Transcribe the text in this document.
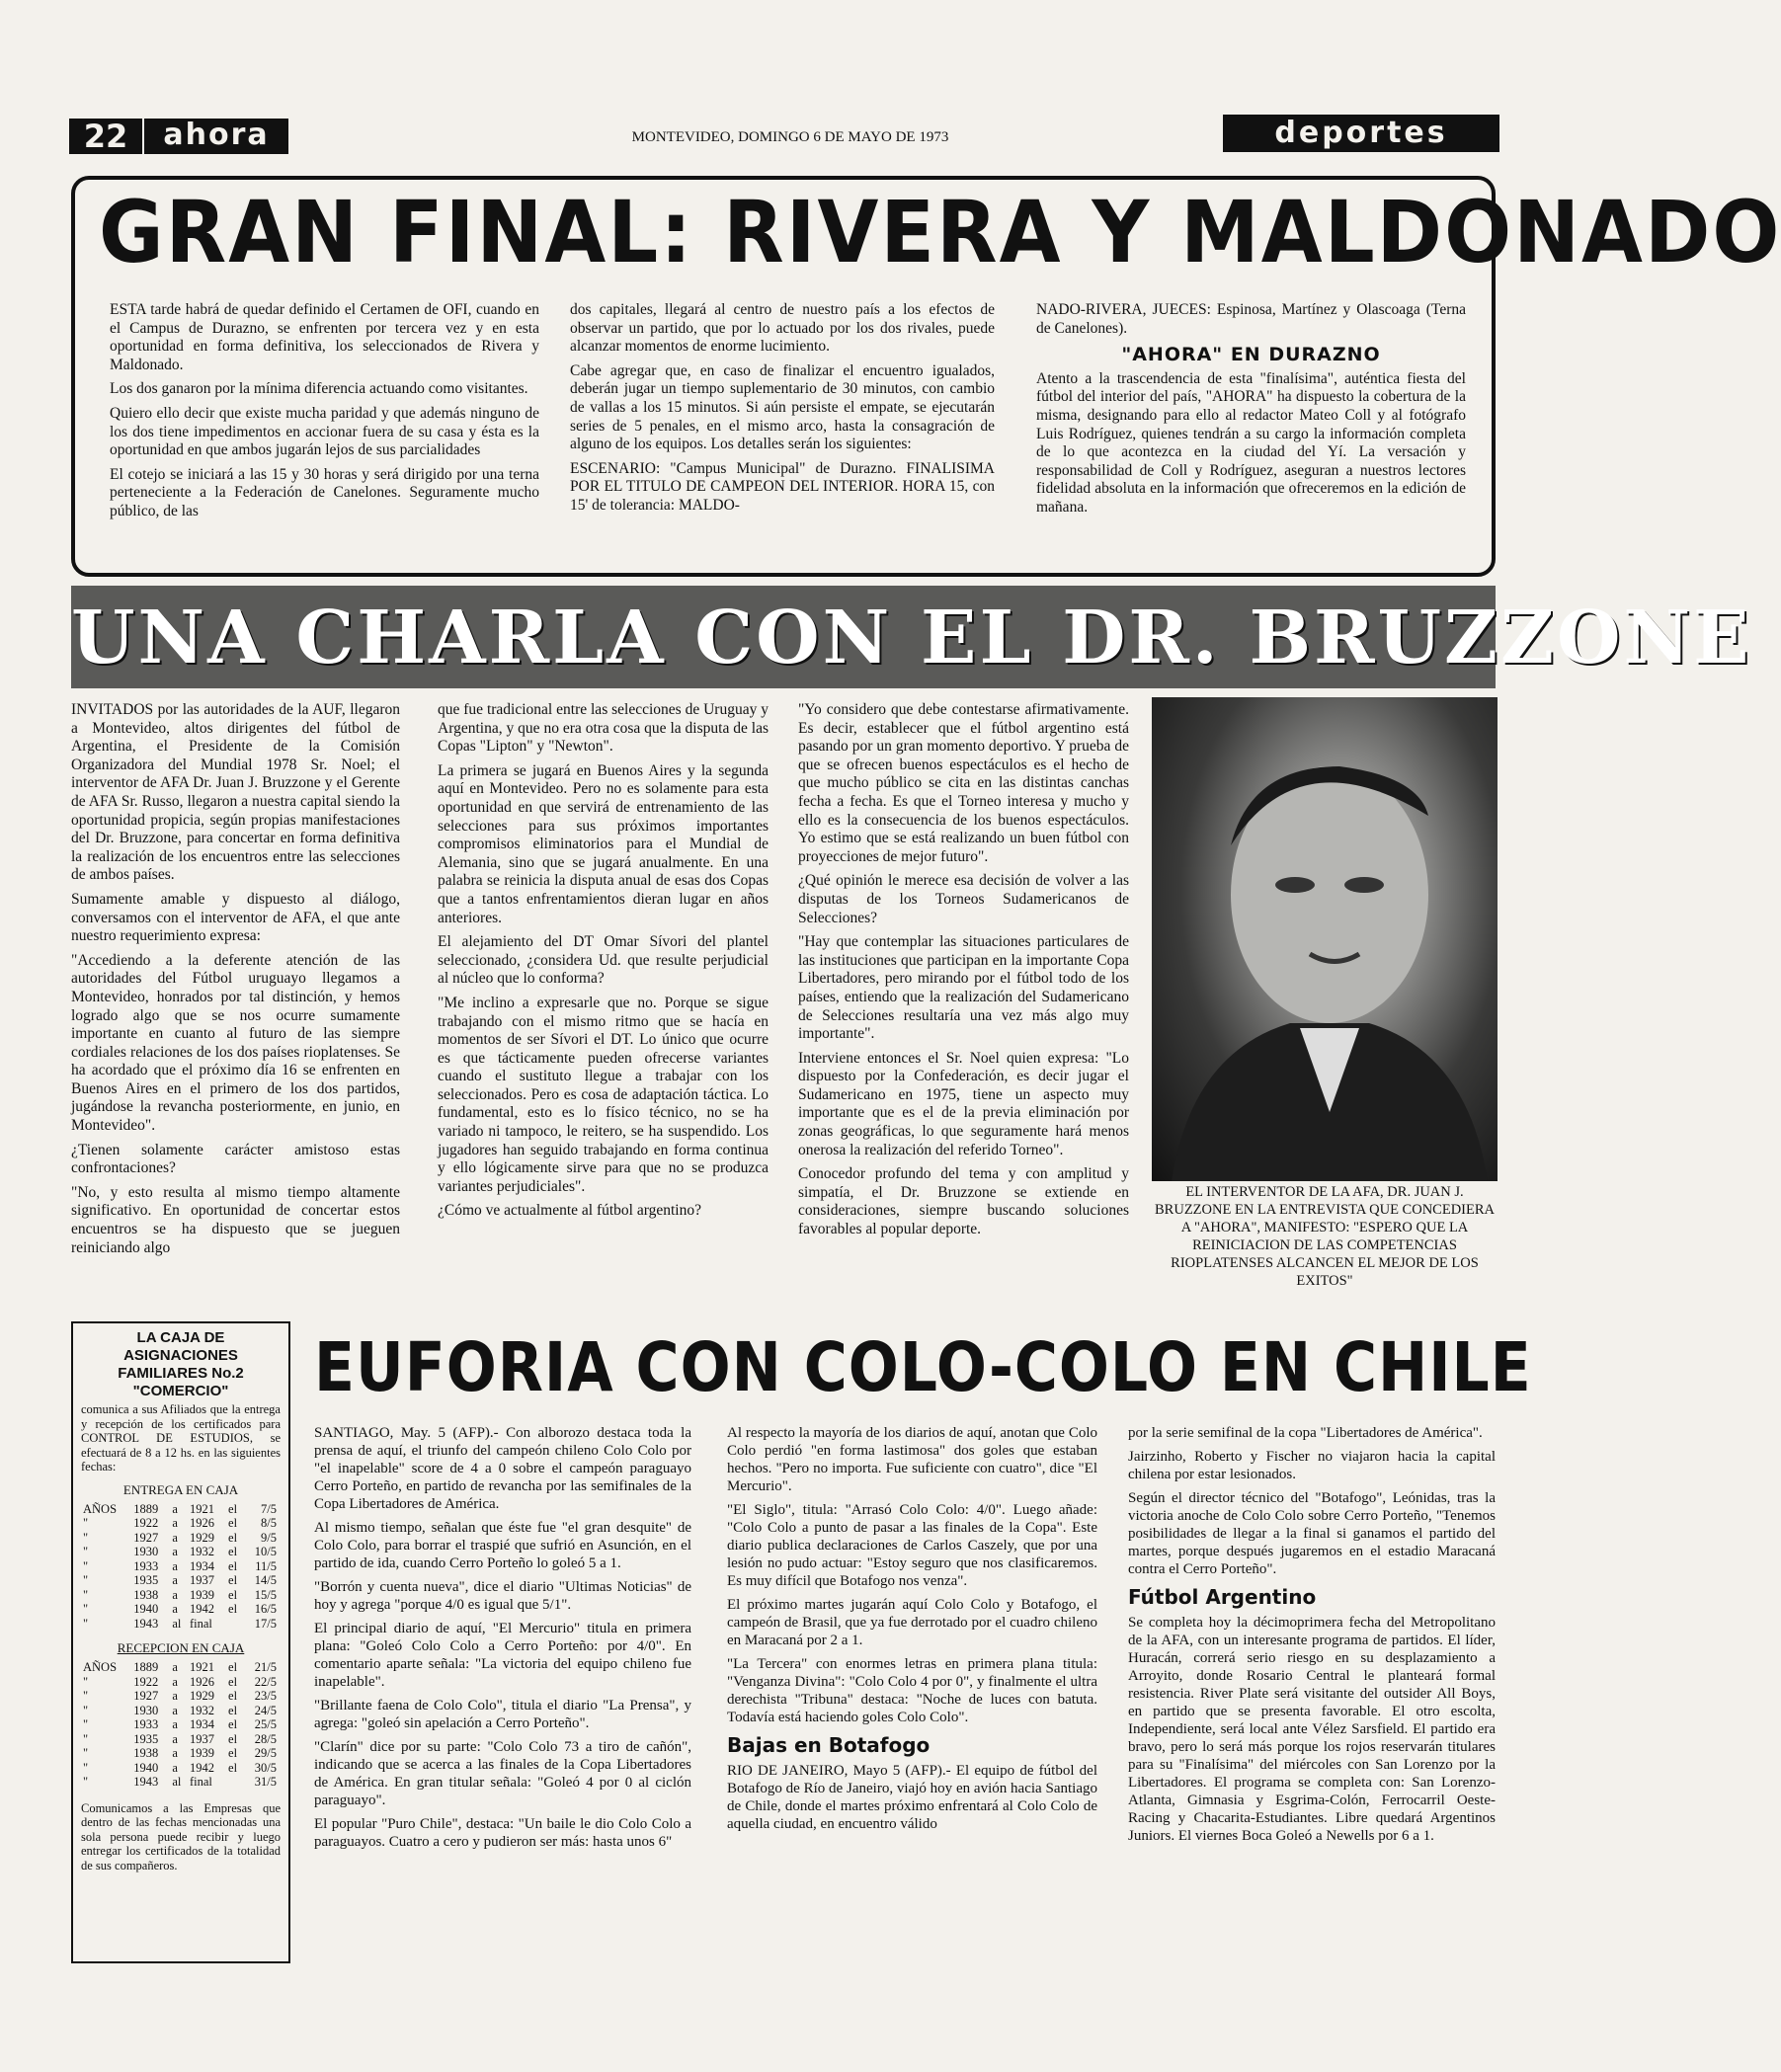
22	ahora	MONTEVIDEO, DOMINGO 6 DE MAYO DE 1973	deportes
GRAN FINAL: RIVERA Y MALDONADO

ESTA tarde habrá de quedar definido el Certamen de OFI, cuando en el Campus de Durazno, se enfrenten por tercera vez y en esta oportunidad en forma definitiva, los seleccionados de Rivera y Maldonado.

Los dos ganaron por la mínima diferencia actuando como visitantes.

Quiero ello decir que existe mucha paridad y que además ninguno de los dos tiene impedimentos en accionar fuera de su casa y ésta es la oportunidad en que ambos jugarán lejos de sus parcialidades

El cotejo se iniciará a las 15 y 30 horas y será dirigido por una terna perteneciente a la Federación de Canelones. Seguramente mucho público, de las

dos capitales, llegará al centro de nuestro país a los efectos de observar un partido, que por lo actuado por los dos rivales, puede alcanzar momentos de enorme lucimiento.

Cabe agregar que, en caso de finalizar el encuentro igualados, deberán jugar un tiempo suplementario de 30 minutos, con cambio de vallas a los 15 minutos. Si aún persiste el empate, se ejecutarán series de 5 penales, en el mismo arco, hasta la consagración de alguno de los equipos. Los detalles serán los siguientes:

ESCENARIO: "Campus Municipal" de Durazno. FINALISIMA POR EL TITULO DE CAMPEON DEL INTERIOR. HORA 15, con 15' de tolerancia: MALDO-

NADO-RIVERA, JUECES: Espinosa, Martínez y Olascoaga (Terna de Canelones).

"AHORA" EN DURAZNO

Atento a la trascendencia de esta "finalísima", auténtica fiesta del fútbol del interior del país, "AHORA" ha dispuesto la cobertura de la misma, designando para ello al redactor Mateo Coll y al fotógrafo Luis Rodríguez, quienes tendrán a su cargo la información completa de lo que acontezca en la ciudad del Yí. La versación y responsabilidad de Coll y Rodríguez, aseguran a nuestros lectores fidelidad absoluta en la información que ofreceremos en la edición de mañana.

UNA CHARLA CON EL DR. BRUZZONE

INVITADOS por las autoridades de la AUF, llegaron a Montevideo, altos dirigentes del fútbol de Argentina, el Presidente de la Comisión Organizadora del Mundial 1978 Sr. Noel; el interventor de AFA Dr. Juan J. Bruzzone y el Gerente de AFA Sr. Russo, llegaron a nuestra capital siendo la oportunidad propicia, según propias manifestaciones del Dr. Bruzzone, para concertar en forma definitiva la realización de los encuentros entre las selecciones de ambos países.

Sumamente amable y dispuesto al diálogo, conversamos con el interventor de AFA, el que ante nuestro requerimiento expresa:

"Accediendo a la deferente atención de las autoridades del Fútbol uruguayo llegamos a Montevideo, honrados por tal distinción, y hemos logrado algo que se nos ocurre sumamente importante en cuanto al futuro de las siempre cordiales relaciones de los dos países rioplatenses. Se ha acordado que el próximo día 16 se enfrenten en Buenos Aires en el primero de los dos partidos, jugándose la revancha posteriormente, en junio, en Montevideo".

¿Tienen solamente carácter amistoso estas confrontaciones?

"No, y esto resulta al mismo tiempo altamente significativo. En oportunidad de concertar estos encuentros se ha dispuesto que se jueguen reiniciando algo

que fue tradicional entre las selecciones de Uruguay y Argentina, y que no era otra cosa que la disputa de las Copas "Lipton" y "Newton".

La primera se jugará en Buenos Aires y la segunda aquí en Montevideo. Pero no es solamente para esta oportunidad en que servirá de entrenamiento de las selecciones para sus próximos importantes compromisos eliminatorios para el Mundial de Alemania, sino que se jugará anualmente. En una palabra se reinicia la disputa anual de esas dos Copas que a tantos enfrentamientos dieran lugar en años anteriores.

El alejamiento del DT Omar Sívori del plantel seleccionado, ¿considera Ud. que resulte perjudicial al núcleo que lo conforma?

"Me inclino a expresarle que no. Porque se sigue trabajando con el mismo ritmo que se hacía en momentos de ser Sívori el DT. Lo único que ocurre es que tácticamente pueden ofrecerse variantes cuando el sustituto llegue a trabajar con los seleccionados. Pero es cosa de adaptación táctica. Lo fundamental, esto es lo físico técnico, no se ha variado ni tampoco, le reitero, se ha suspendido. Los jugadores han seguido trabajando en forma continua y ello lógicamente sirve para que no se produzca variantes perjudiciales".

¿Cómo ve actualmente al fútbol argentino?

"Yo considero que debe contestarse afirmativamente. Es decir, establecer que el fútbol argentino está pasando por un gran momento deportivo. Y prueba de que se ofrecen buenos espectáculos es el hecho de que mucho público se cita en las distintas canchas fecha a fecha. Es que el Torneo interesa y mucho y ello es la consecuencia de los buenos espectáculos. Yo estimo que se está realizando un buen fútbol con proyecciones de mejor futuro".

¿Qué opinión le merece esa decisión de volver a las disputas de los Torneos Sudamericanos de Selecciones?

"Hay que contemplar las situaciones particulares de las instituciones que participan en la importante Copa Libertadores, pero mirando por el fútbol todo de los países, entiendo que la realización del Sudamericano de Selecciones resultaría una vez más algo muy importante".

Interviene entonces el Sr. Noel quien expresa: "Lo dispuesto por la Confederación, es decir jugar el Sudamericano en 1975, tiene un aspecto muy importante que es el de la previa eliminación por zonas geográficas, lo que seguramente hará menos onerosa la realización del referido Torneo".

Conocedor profundo del tema y con amplitud y simpatía, el Dr. Bruzzone se extiende en consideraciones, siempre buscando soluciones favorables al popular deporte.

EL INTERVENTOR DE LA AFA, DR. JUAN J. BRUZZONE EN LA ENTREVISTA QUE CONCEDIERA A "AHORA", MANIFESTO: "ESPERO QUE LA REINICIACION DE LAS COMPETENCIAS RIOPLATENSES ALCANCEN EL MEJOR DE LOS EXITOS"
LA CAJA DE ASIGNACIONES FAMILIARES No.2 "COMERCIO"
comunica a sus Afiliados que la entrega y recepción de los certificados para CONTROL DE ESTUDIOS, se efectuará de 8 a 12 hs. en las siguientes fechas:
ENTREGA EN CAJA
AÑOS	1889	a	1921	el	7/5
"	1922	a	1926	el	8/5
"	1927	a	1929	el	9/5
"	1930	a	1932	el	10/5
"	1933	a	1934	el	11/5
"	1935	a	1937	el	14/5
"	1938	a	1939	el	15/5
"	1940	a	1942	el	16/5
"	1943	al	final		17/5
RECEPCION EN CAJA
AÑOS	1889	a	1921	el	21/5
"	1922	a	1926	el	22/5
"	1927	a	1929	el	23/5
"	1930	a	1932	el	24/5
"	1933	a	1934	el	25/5
"	1935	a	1937	el	28/5
"	1938	a	1939	el	29/5
"	1940	a	1942	el	30/5
"	1943	al	final		31/5
Comunicamos a las Empresas que dentro de las fechas mencionadas una sola persona puede recibir y luego entregar los certificados de la totalidad de sus compañeros.
EUFORIA CON COLO-COLO EN CHILE

SANTIAGO, May. 5 (AFP).- Con alborozo destaca toda la prensa de aquí, el triunfo del campeón chileno Colo Colo por "el inapelable" score de 4 a 0 sobre el campeón paraguayo Cerro Porteño, en partido de revancha por las semifinales de la Copa Libertadores de América.

Al mismo tiempo, señalan que éste fue "el gran desquite" de Colo Colo, para borrar el traspié que sufrió en Asunción, en el partido de ida, cuando Cerro Porteño lo goleó 5 a 1.

"Borrón y cuenta nueva", dice el diario "Ultimas Noticias" de hoy y agrega "porque 4/0 es igual que 5/1".

El principal diario de aquí, "El Mercurio" titula en primera plana: "Goleó Colo Colo a Cerro Porteño: por 4/0". En comentario aparte señala: "La victoria del equipo chileno fue inapelable".

"Brillante faena de Colo Colo", titula el diario "La Prensa", y agrega: "goleó sin apelación a Cerro Porteño".

"Clarín" dice por su parte: "Colo Colo 73 a tiro de cañón", indicando que se acerca a las finales de la Copa Libertadores de América. En gran titular señala: "Goleó 4 por 0 al ciclón paraguayo".

El popular "Puro Chile", destaca: "Un baile le dio Colo Colo a paraguayos. Cuatro a cero y pudieron ser más: hasta unos 6"

Al respecto la mayoría de los diarios de aquí, anotan que Colo Colo perdió "en forma lastimosa" dos goles que estaban hechos. "Pero no importa. Fue suficiente con cuatro", dice "El Mercurio".

"El Siglo", titula: "Arrasó Colo Colo: 4/0". Luego añade: "Colo Colo a punto de pasar a las finales de la Copa". Este diario publica declaraciones de Carlos Caszely, que por una lesión no pudo actuar: "Estoy seguro que nos clasificaremos. Es muy difícil que Botafogo nos venza".

El próximo martes jugarán aquí Colo Colo y Botafogo, el campeón de Brasil, que ya fue derrotado por el cuadro chileno en Maracaná por 2 a 1.

"La Tercera" con enormes letras en primera plana titula: "Venganza Divina": "Colo Colo 4 por 0", y finalmente el ultra derechista "Tribuna" destaca: "Noche de luces con batuta. Todavía está haciendo goles Colo Colo".

Bajas en Botafogo

RIO DE JANEIRO, Mayo 5 (AFP).- El equipo de fútbol del Botafogo de Río de Janeiro, viajó hoy en avión hacia Santiago de Chile, donde el martes próximo enfrentará al Colo Colo de aquella ciudad, en encuentro válido

por la serie semifinal de la copa "Libertadores de América".

Jairzinho, Roberto y Fischer no viajaron hacia la capital chilena por estar lesionados.

Según el director técnico del "Botafogo", Leónidas, tras la victoria anoche de Colo Colo sobre Cerro Porteño, "Tenemos posibilidades de llegar a la final si ganamos el partido del martes, porque después jugaremos en el estadio Maracaná contra el Cerro Porteño".

Fútbol Argentino

Se completa hoy la décimoprimera fecha del Metropolitano de la AFA, con un interesante programa de partidos. El líder, Huracán, correrá serio riesgo en su desplazamiento a Arroyito, donde Rosario Central le planteará formal resistencia. River Plate será visitante del outsider All Boys, en partido que se presenta favorable. El otro escolta, Independiente, será local ante Vélez Sarsfield. El partido era bravo, pero lo será más porque los rojos reservarán titulares para su "Finalísima" del miércoles con San Lorenzo por la Libertadores. El programa se completa con: San Lorenzo-Atlanta, Gimnasia y Esgrima-Colón, Ferrocarril Oeste-Racing y Chacarita-Estudiantes. Libre quedará Argentinos Juniors. El viernes Boca Goleó a Newells por 6 a 1.
